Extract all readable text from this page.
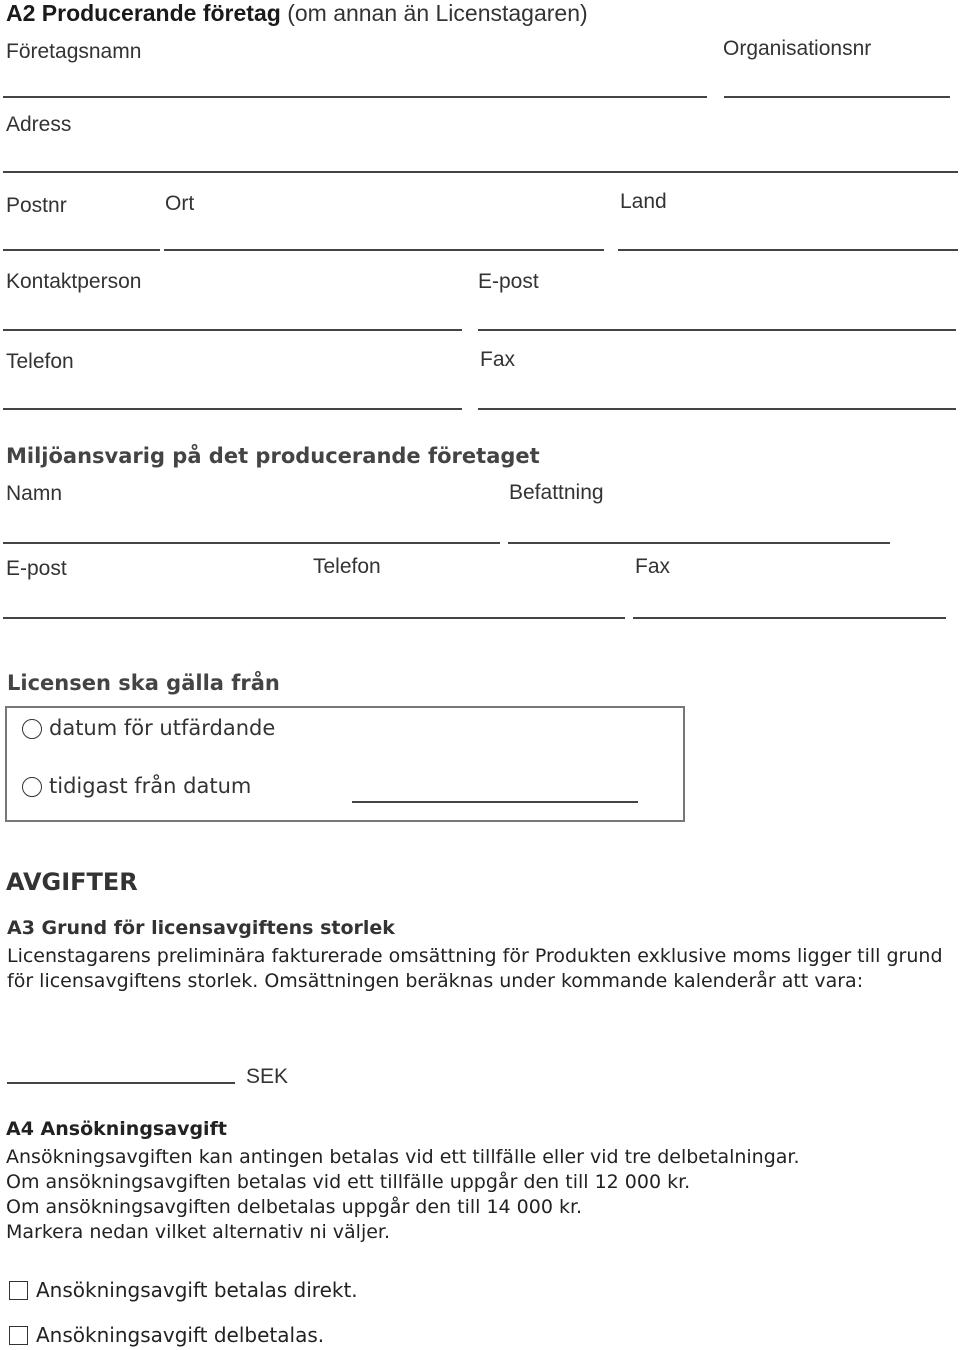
A2 Producerande företag (om annan än Licenstagaren)
Företagsnamn	Organisationsnr
Adress
Postnr	Ort	Land
Kontaktperson	E-post
Telefon	Fax
Miljöansvarig på det producerande företaget
Namn	Befattning
E-post	Telefon	Fax
Licensen ska gälla från
datum för utfärdande
tidigast från datum
AVGIFTER
A3 Grund för licensavgiftens storlek
Licenstagarens preliminära fakturerade omsättning för Produkten exklusive moms ligger till grund för licensavgiftens storlek. Omsättningen beräknas under kommande kalenderår att vara:
SEK
A4 Ansökningsavgift
Ansökningsavgiften kan antingen betalas vid ett tillfälle eller vid tre delbetalningar.
Om ansökningsavgiften betalas vid ett tillfälle uppgår den till 12 000 kr.
Om ansökningsavgiften delbetalas uppgår den till 14 000 kr.
Markera nedan vilket alternativ ni väljer.
Ansökningsavgift betalas direkt.
Ansökningsavgift delbetalas.
